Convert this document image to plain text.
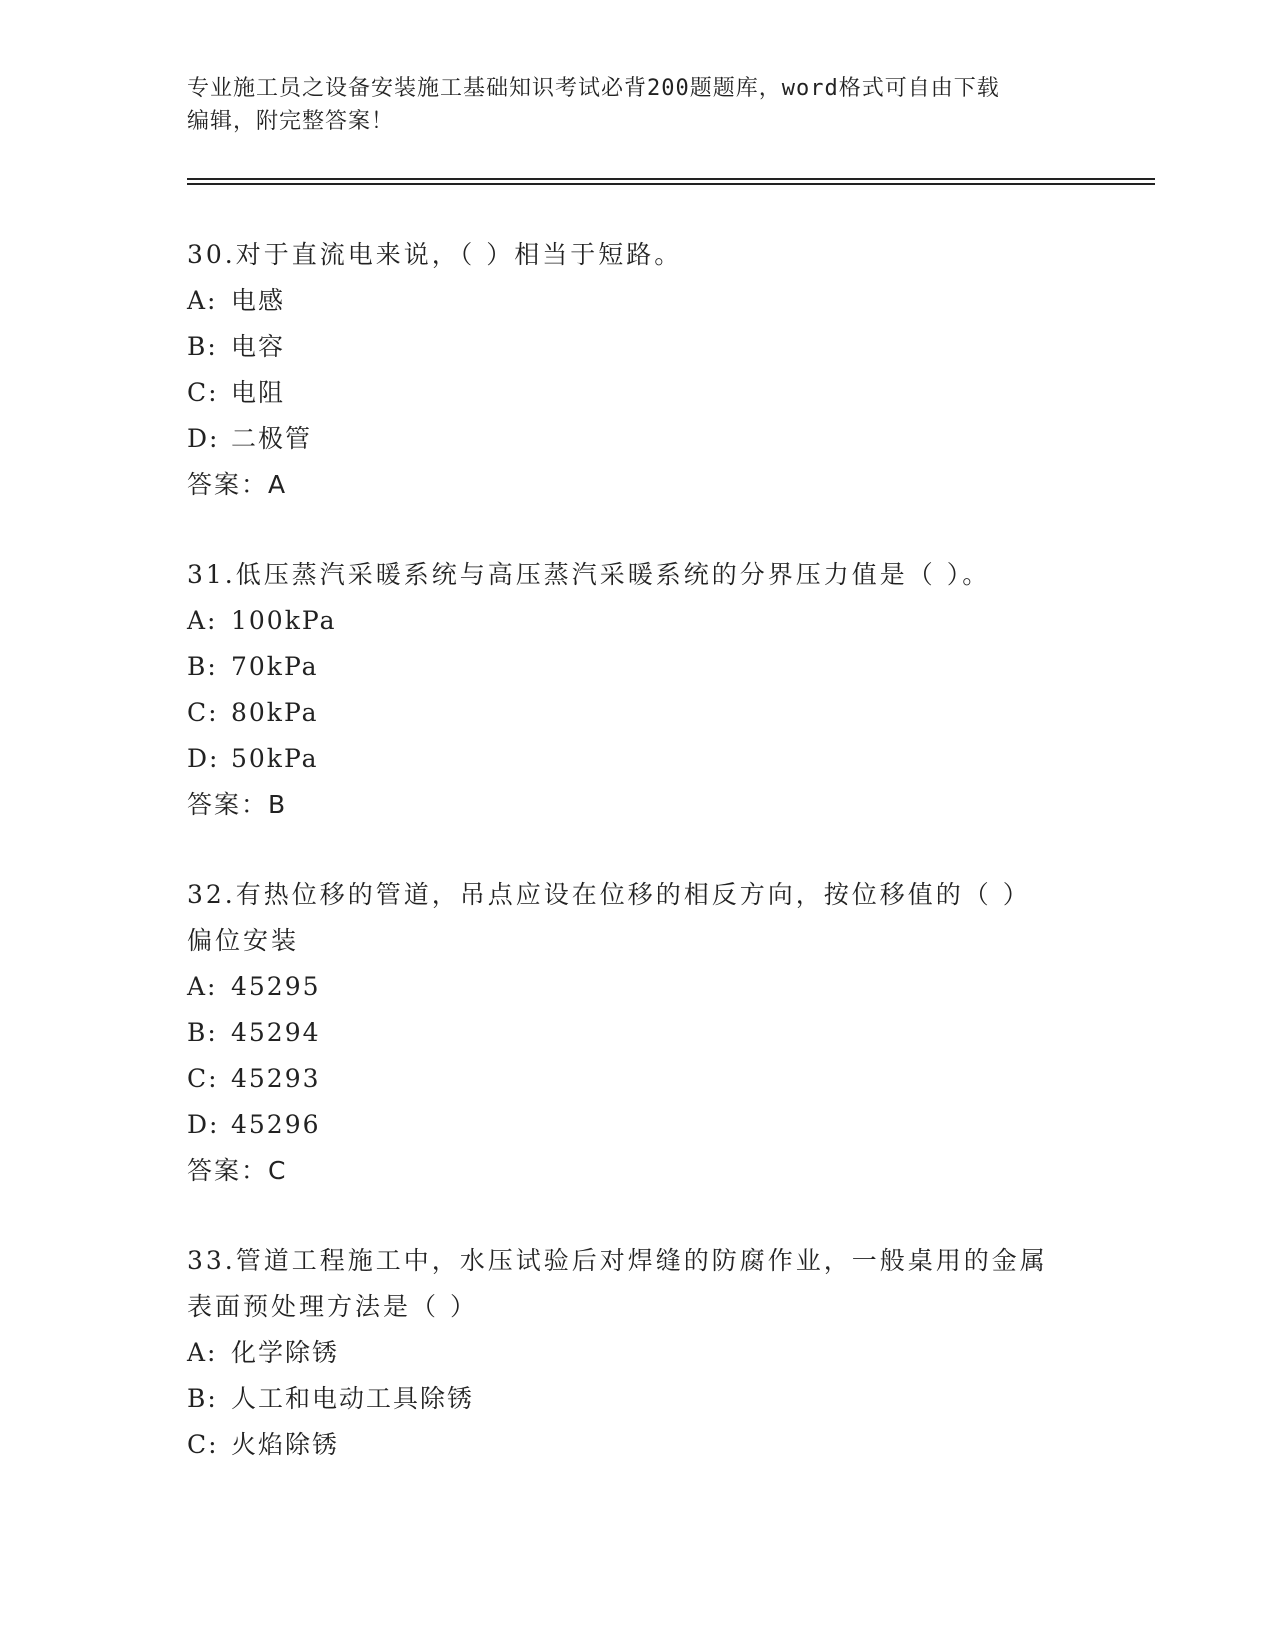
专业施工员之设备安装施工基础知识考试必背200题题库，word格式可自由下载
编辑，附完整答案！
30.对于直流电来说，（ ）相当于短路。
A: 电感
B: 电容
C: 电阻
D: 二极管
答案：A
31.低压蒸汽采暖系统与高压蒸汽采暖系统的分界压力值是（ ）。
A: 100kPa
B: 70kPa
C: 80kPa
D: 50kPa
答案：B
32.有热位移的管道，吊点应设在位移的相反方向，按位移值的（ ）
偏位安装
A: 45295
B: 45294
C: 45293
D: 45296
答案：C
33.管道工程施工中，水压试验后对焊缝的防腐作业，一般桌用的金属
表面预处理方法是（ ）
A: 化学除锈
B: 人工和电动工具除锈
C: 火焰除锈
